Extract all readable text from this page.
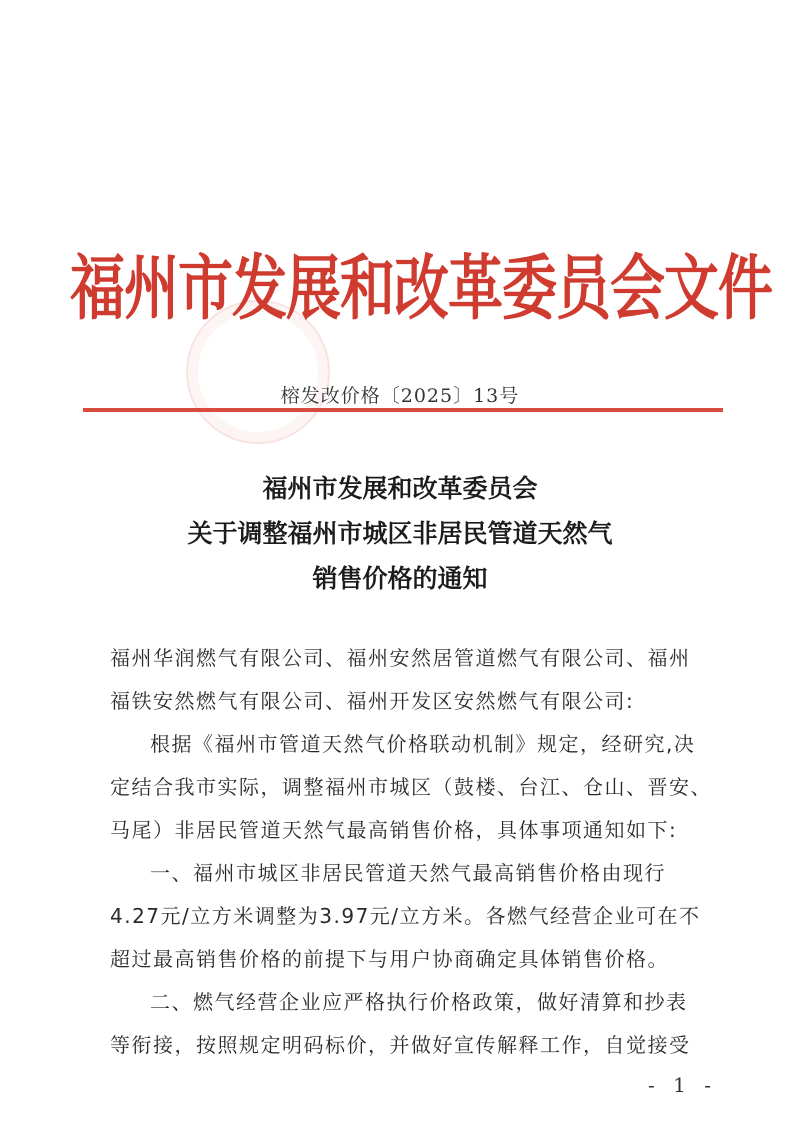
福州市发展和改革委员会文件
榕发改价格〔2025〕13号
福州市发展和改革委员会
关于调整福州市城区非居民管道天然气
销售价格的通知
福州华润燃气有限公司、福州安然居管道燃气有限公司、福州
福铁安然燃气有限公司、福州开发区安然燃气有限公司:
根据《福州市管道天然气价格联动机制》规定，经研究,决
定结合我市实际，调整福州市城区（鼓楼、台江、仓山、晋安、
马尾）非居民管道天然气最高销售价格，具体事项通知如下:
一、福州市城区非居民管道天然气最高销售价格由现行
4.27元/立方米调整为3.97元/立方米。各燃气经营企业可在不
超过最高销售价格的前提下与用户协商确定具体销售价格。
二、燃气经营企业应严格执行价格政策，做好清算和抄表
等衔接，按照规定明码标价，并做好宣传解释工作，自觉接受
- 1 -
